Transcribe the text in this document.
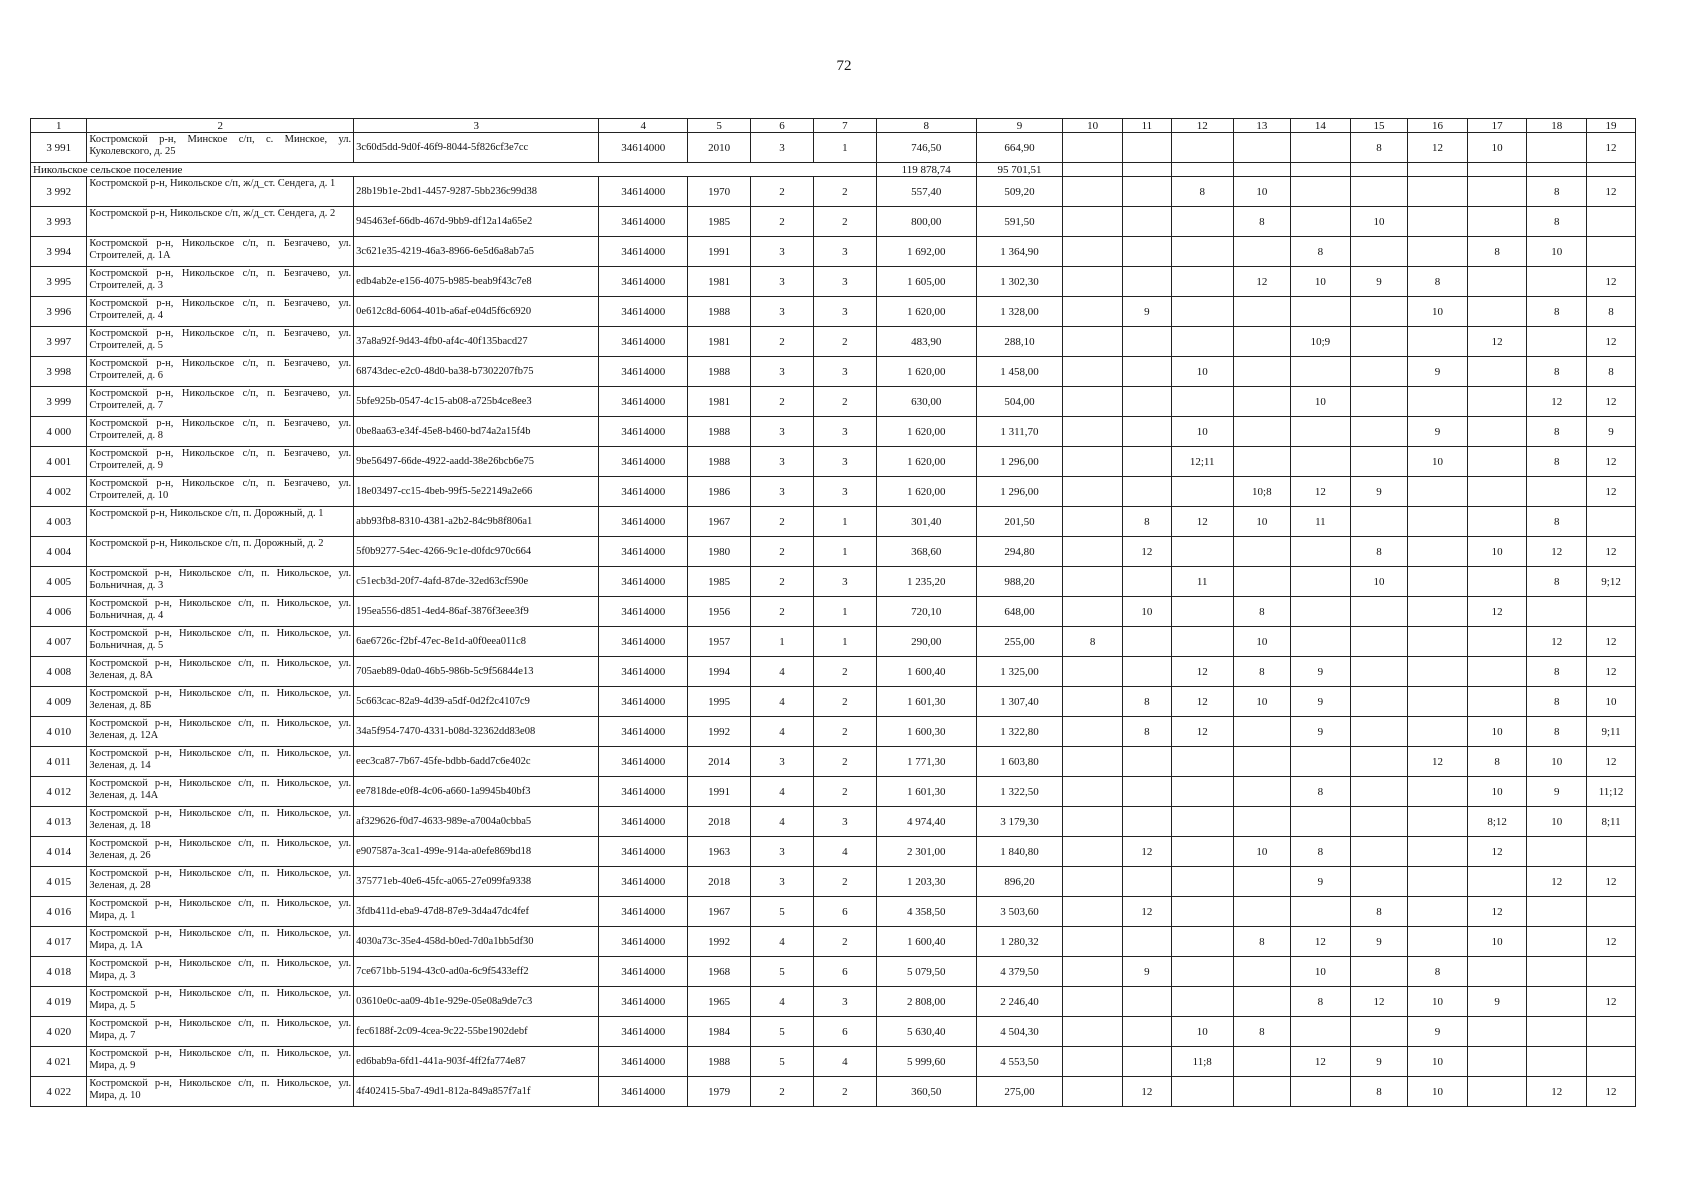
72
1	2	3	4	5	6	7	8	9	10	11	12	13	14	15	16	17	18	19
3 991	Костромской р-н, Минское с/п, с. Минское, ул. Куколевского, д. 25	3c60d5dd-9d0f-46f9-8044-5f826cf3e7cc	34614000	2010	3	1	746,50	664,90						8	12	10		12
Никольское сельское поселение							119 878,74	95 701,51										
3 992	Костромской р-н, Никольское с/п, ж/д_ст. Сендега, д. 1	28b19b1e-2bd1-4457-9287-5bb236c99d38	34614000	1970	2	2	557,40	509,20			8	10					8	12
3 993	Костромской р-н, Никольское с/п, ж/д_ст. Сендега, д. 2	945463ef-66db-467d-9bb9-df12a14a65e2	34614000	1985	2	2	800,00	591,50				8		10			8	
3 994	Костромской р-н, Никольское с/п, п. Безгачево, ул. Строителей, д. 1А	3c621e35-4219-46a3-8966-6e5d6a8ab7a5	34614000	1991	3	3	1 692,00	1 364,90					8			8	10	
3 995	Костромской р-н, Никольское с/п, п. Безгачево, ул. Строителей, д. 3	edb4ab2e-e156-4075-b985-beab9f43c7e8	34614000	1981	3	3	1 605,00	1 302,30				12	10	9	8			12
3 996	Костромской р-н, Никольское с/п, п. Безгачево, ул. Строителей, д. 4	0e612c8d-6064-401b-a6af-e04d5f6c6920	34614000	1988	3	3	1 620,00	1 328,00		9					10		8	8
3 997	Костромской р-н, Никольское с/п, п. Безгачево, ул. Строителей, д. 5	37a8a92f-9d43-4fb0-af4c-40f135bacd27	34614000	1981	2	2	483,90	288,10					10;9			12		12
3 998	Костромской р-н, Никольское с/п, п. Безгачево, ул. Строителей, д. 6	68743dec-e2c0-48d0-ba38-b7302207fb75	34614000	1988	3	3	1 620,00	1 458,00			10				9		8	8
3 999	Костромской р-н, Никольское с/п, п. Безгачево, ул. Строителей, д. 7	5bfe925b-0547-4c15-ab08-a725b4ce8ee3	34614000	1981	2	2	630,00	504,00					10				12	12
4 000	Костромской р-н, Никольское с/п, п. Безгачево, ул. Строителей, д. 8	0be8aa63-e34f-45e8-b460-bd74a2a15f4b	34614000	1988	3	3	1 620,00	1 311,70			10				9		8	9
4 001	Костромской р-н, Никольское с/п, п. Безгачево, ул. Строителей, д. 9	9be56497-66de-4922-aadd-38e26bcb6e75	34614000	1988	3	3	1 620,00	1 296,00			12;11				10		8	12
4 002	Костромской р-н, Никольское с/п, п. Безгачево, ул. Строителей, д. 10	18e03497-cc15-4beb-99f5-5e22149a2e66	34614000	1986	3	3	1 620,00	1 296,00				10;8	12	9				12
4 003	Костромской р-н, Никольское с/п, п. Дорожный, д. 1	abb93fb8-8310-4381-a2b2-84c9b8f806a1	34614000	1967	2	1	301,40	201,50		8	12	10	11				8	
4 004	Костромской р-н, Никольское с/п, п. Дорожный, д. 2	5f0b9277-54ec-4266-9c1e-d0fdc970c664	34614000	1980	2	1	368,60	294,80		12				8		10	12	12
4 005	Костромской р-н, Никольское с/п, п. Никольское, ул. Больничная, д. 3	c51ecb3d-20f7-4afd-87de-32ed63cf590e	34614000	1985	2	3	1 235,20	988,20			11			10			8	9;12
4 006	Костромской р-н, Никольское с/п, п. Никольское, ул. Больничная, д. 4	195ea556-d851-4ed4-86af-3876f3eee3f9	34614000	1956	2	1	720,10	648,00		10		8				12		
4 007	Костромской р-н, Никольское с/п, п. Никольское, ул. Больничная, д. 5	6ae6726c-f2bf-47ec-8e1d-a0f0eea011c8	34614000	1957	1	1	290,00	255,00	8			10					12	12
4 008	Костромской р-н, Никольское с/п, п. Никольское, ул. Зеленая, д. 8А	705aeb89-0da0-46b5-986b-5c9f56844e13	34614000	1994	4	2	1 600,40	1 325,00			12	8	9				8	12
4 009	Костромской р-н, Никольское с/п, п. Никольское, ул. Зеленая, д. 8Б	5c663cac-82a9-4d39-a5df-0d2f2c4107c9	34614000	1995	4	2	1 601,30	1 307,40		8	12	10	9				8	10
4 010	Костромской р-н, Никольское с/п, п. Никольское, ул. Зеленая, д. 12А	34a5f954-7470-4331-b08d-32362dd83e08	34614000	1992	4	2	1 600,30	1 322,80		8	12		9			10	8	9;11
4 011	Костромской р-н, Никольское с/п, п. Никольское, ул. Зеленая, д. 14	eec3ca87-7b67-45fe-bdbb-6add7c6e402c	34614000	2014	3	2	1 771,30	1 603,80							12	8	10	12
4 012	Костромской р-н, Никольское с/п, п. Никольское, ул. Зеленая, д. 14А	ee7818de-e0f8-4c06-a660-1a9945b40bf3	34614000	1991	4	2	1 601,30	1 322,50					8			10	9	11;12
4 013	Костромской р-н, Никольское с/п, п. Никольское, ул. Зеленая, д. 18	af329626-f0d7-4633-989e-a7004a0cbba5	34614000	2018	4	3	4 974,40	3 179,30								8;12	10	8;11
4 014	Костромской р-н, Никольское с/п, п. Никольское, ул. Зеленая, д. 26	e907587a-3ca1-499e-914a-a0efe869bd18	34614000	1963	3	4	2 301,00	1 840,80		12		10	8			12		
4 015	Костромской р-н, Никольское с/п, п. Никольское, ул. Зеленая, д. 28	375771eb-40e6-45fc-a065-27e099fa9338	34614000	2018	3	2	1 203,30	896,20					9				12	12
4 016	Костромской р-н, Никольское с/п, п. Никольское, ул. Мира, д. 1	3fdb411d-eba9-47d8-87e9-3d4a47dc4fef	34614000	1967	5	6	4 358,50	3 503,60		12				8		12		
4 017	Костромской р-н, Никольское с/п, п. Никольское, ул. Мира, д. 1А	4030a73c-35e4-458d-b0ed-7d0a1bb5df30	34614000	1992	4	2	1 600,40	1 280,32				8	12	9		10		12
4 018	Костромской р-н, Никольское с/п, п. Никольское, ул. Мира, д. 3	7ce671bb-5194-43c0-ad0a-6c9f5433eff2	34614000	1968	5	6	5 079,50	4 379,50		9			10		8			
4 019	Костромской р-н, Никольское с/п, п. Никольское, ул. Мира, д. 5	03610e0c-aa09-4b1e-929e-05e08a9de7c3	34614000	1965	4	3	2 808,00	2 246,40					8	12	10	9		12
4 020	Костромской р-н, Никольское с/п, п. Никольское, ул. Мира, д. 7	fec6188f-2c09-4cea-9c22-55be1902debf	34614000	1984	5	6	5 630,40	4 504,30			10	8			9			
4 021	Костромской р-н, Никольское с/п, п. Никольское, ул. Мира, д. 9	ed6bab9a-6fd1-441a-903f-4ff2fa774e87	34614000	1988	5	4	5 999,60	4 553,50			11;8		12	9	10			
4 022	Костромской р-н, Никольское с/п, п. Никольское, ул. Мира, д. 10	4f402415-5ba7-49d1-812a-849a857f7a1f	34614000	1979	2	2	360,50	275,00		12				8	10		12	12
